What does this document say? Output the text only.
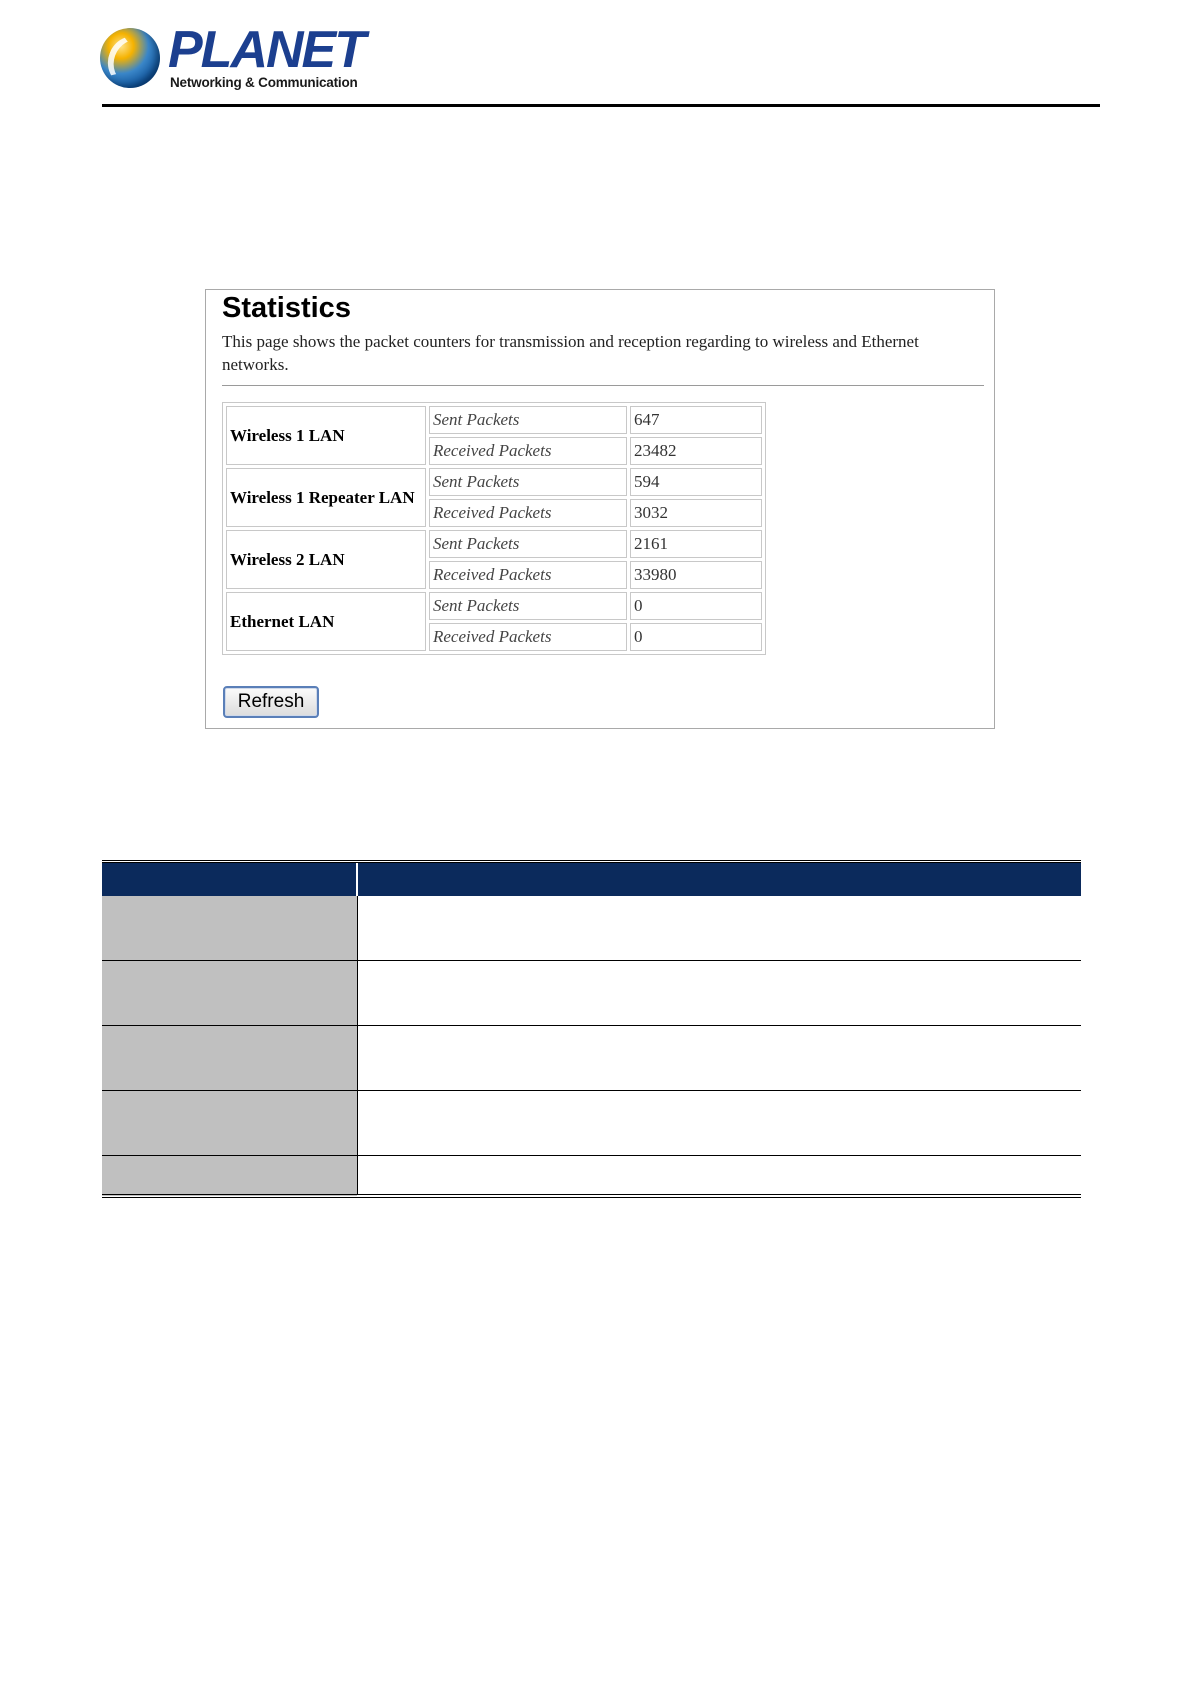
PLANET
Networking & Communication
Statistics

This page shows the packet counters for transmission and reception regarding to wireless and Ethernet networks.

Wireless 1 LAN	Sent Packets	647
	Received Packets	23482
Wireless 1 Repeater LAN	Sent Packets	594
	Received Packets	3032
Wireless 2 LAN	Sent Packets	2161
	Received Packets	33980
Ethernet LAN	Sent Packets	0
	Received Packets	0
Refresh
